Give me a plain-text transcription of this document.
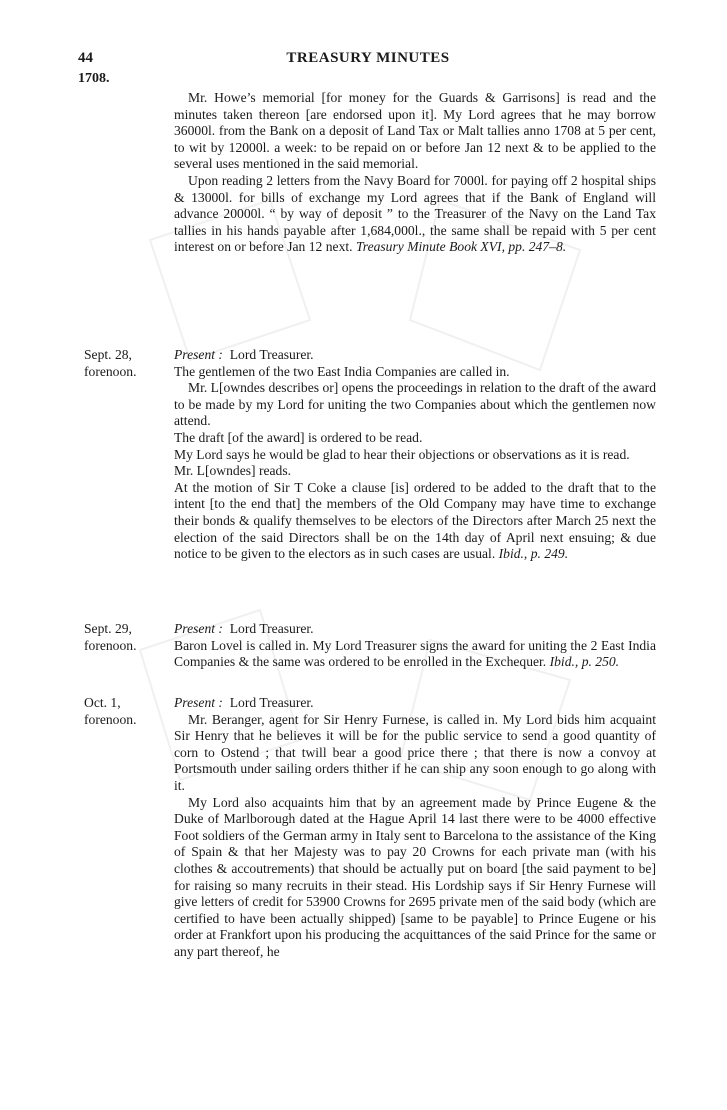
44	TREASURY MINUTES
1708.

Mr. Howe’s memorial [for money for the Guards & Garrisons] is read and the minutes taken thereon [are endorsed upon it]. My Lord agrees that he may borrow 36000l. from the Bank on a deposit of Land Tax or Malt tallies anno 1708 at 5 per cent, to wit by 12000l. a week: to be repaid on or before Jan 12 next & to be applied to the several uses mentioned in the said memorial.

Upon reading 2 letters from the Navy Board for 7000l. for paying off 2 hospital ships & 13000l. for bills of exchange my Lord agrees that if the Bank of England will advance 20000l. “ by way of deposit ” to the Treasurer of the Navy on the Land Tax tallies in his hands payable after 1,684,000l., the same shall be repaid with 5 per cent interest on or before Jan 12 next. Treasury Minute Book XVI, pp. 247–8.

Sept. 28,
forenoon.

Present : Lord Treasurer.

The gentlemen of the two East India Companies are called in.

Mr. L[owndes describes or] opens the proceedings in relation to the draft of the award to be made by my Lord for uniting the two Companies about which the gentlemen now attend.

The draft [of the award] is ordered to be read.

My Lord says he would be glad to hear their objections or observations as it is read.

Mr. L[owndes] reads.

At the motion of Sir T Coke a clause [is] ordered to be added to the draft that to the intent [to the end that] the members of the Old Company may have time to exchange their bonds & qualify themselves to be electors of the Directors after March 25 next the election of the said Directors shall be on the 14th day of April next ensuing; & due notice to be given to the electors as in such cases are usual. Ibid., p. 249.

Sept. 29,
forenoon.

Present : Lord Treasurer.

Baron Lovel is called in. My Lord Treasurer signs the award for uniting the 2 East India Companies & the same was ordered to be enrolled in the Exchequer. Ibid., p. 250.

Oct. 1,
forenoon.

Present : Lord Treasurer.

Mr. Beranger, agent for Sir Henry Furnese, is called in. My Lord bids him acquaint Sir Henry that he believes it will be for the public service to send a good quantity of corn to Ostend ; that twill bear a good price there ; that there is now a convoy at Portsmouth under sailing orders thither if he can ship any soon enough to go along with it.

My Lord also acquaints him that by an agreement made by Prince Eugene & the Duke of Marlborough dated at the Hague April 14 last there were to be 4000 effective Foot soldiers of the German army in Italy sent to Barcelona to the assistance of the King of Spain & that her Majesty was to pay 20 Crowns for each private man (with his clothes & accoutrements) that should be actually put on board [the said payment to be] for raising so many recruits in their stead. His Lordship says if Sir Henry Furnese will give letters of credit for 53900 Crowns for 2695 private men of the said body (which are certified to have been actually shipped) [same to be payable] to Prince Eugene or his order at Frankfort upon his producing the acquittances of the said Prince for the same or any part thereof, he
